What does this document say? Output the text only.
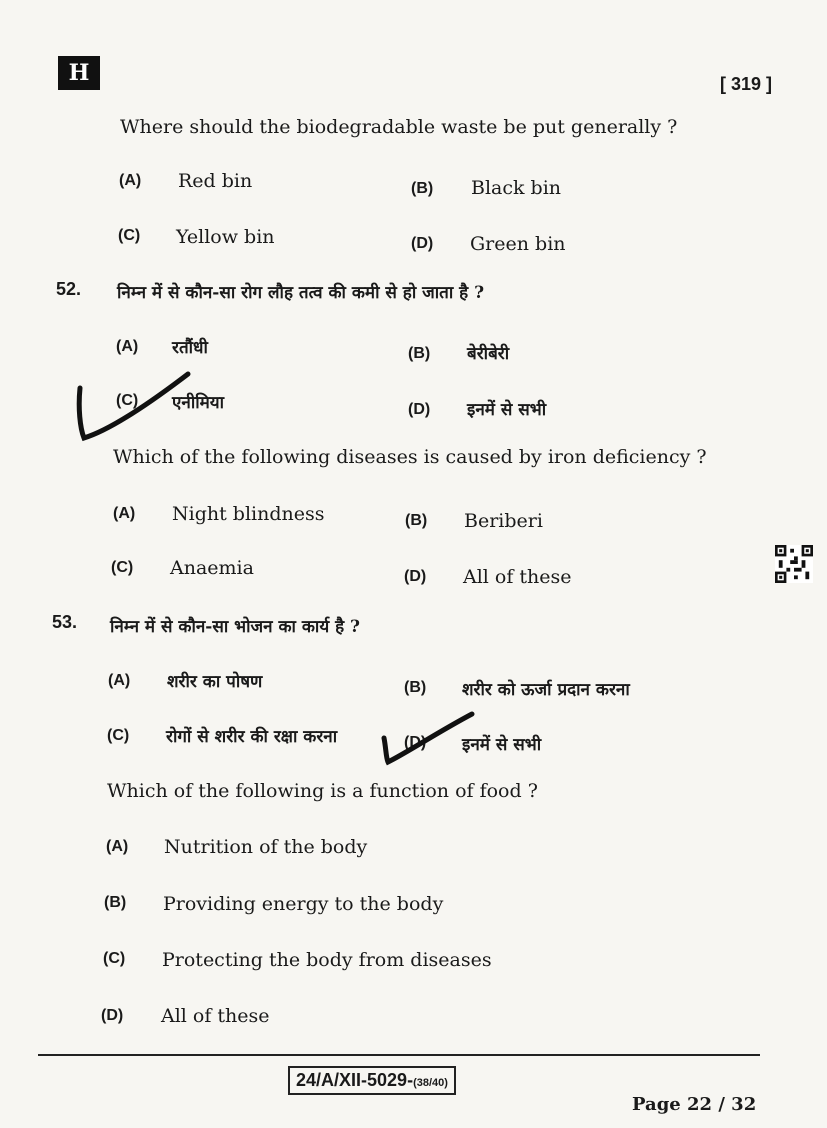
H	[ 319 ]
Where should the biodegradable waste be put generally ?
(A) Red bin	(B) Black bin
(C) Yellow bin	(D) Green bin
52. निम्न में से कौन-सा रोग लौह तत्व की कमी से हो जाता है ?
(A) रतौंधी	(B) बेरीबेरी
(C) एनीमिया	(D) इनमें से सभी
Which of the following diseases is caused by iron deficiency ?
(A) Night blindness	(B) Beriberi
(C) Anaemia	(D) All of these
53. निम्न में से कौन-सा भोजन का कार्य है ?
(A) शरीर का पोषण	(B) शरीर को ऊर्जा प्रदान करना
(C) रोगों से शरीर की रक्षा करना	(D) इनमें से सभी
Which of the following is a function of food ?
(A) Nutrition of the body
(B) Providing energy to the body
(C) Protecting the body from diseases
(D) All of these
24/A/XII-5029-(38/40)
Page 22 / 32
